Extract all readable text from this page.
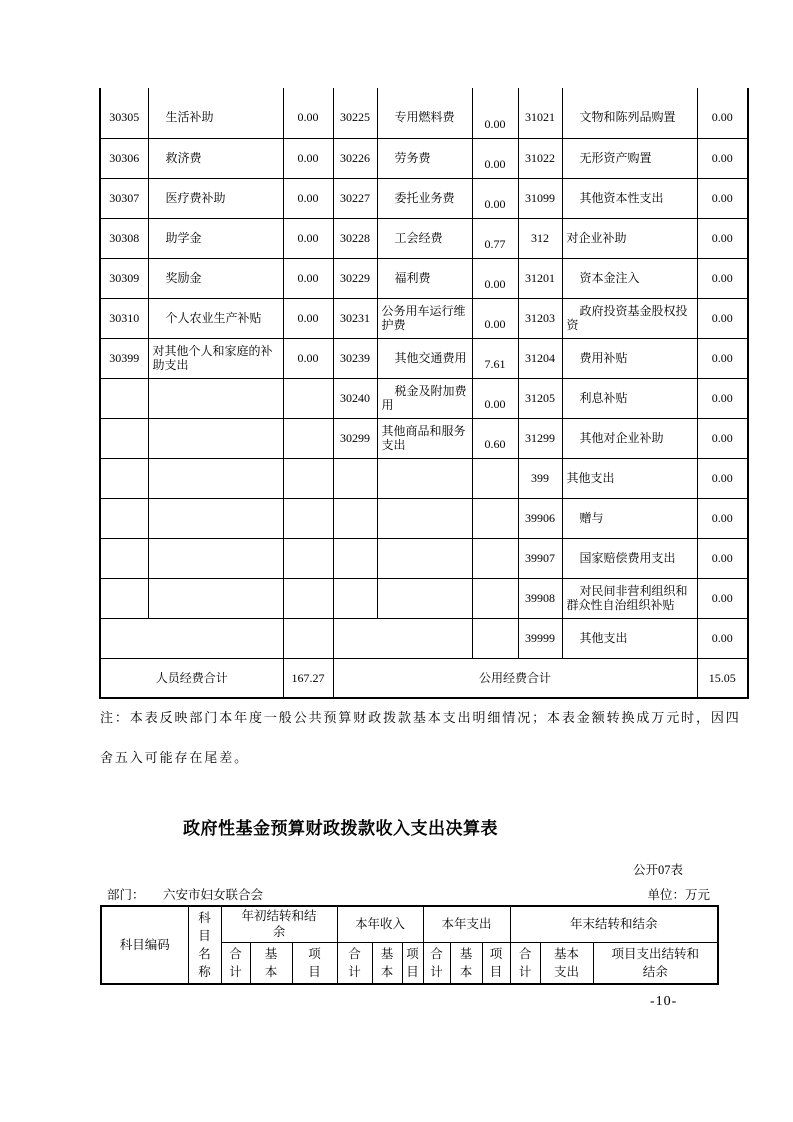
30305	生活补助	0.00	30225	专用燃料费	0.00	31021	文物和陈列品购置	0.00
30306	救济费	0.00	30226	劳务费	0.00	31022	无形资产购置	0.00
30307	医疗费补助	0.00	30227	委托业务费	0.00	31099	其他资本性支出	0.00
30308	助学金	0.00	30228	工会经费	0.77	312	对企业补助	0.00
30309	奖励金	0.00	30229	福利费	0.00	31201	资本金注入	0.00
30310	个人农业生产补贴	0.00	30231	公务用车运行维护费	0.00	31203	政府投资基金股权投资	0.00
30399	对其他个人和家庭的补助支出	0.00	30239	其他交通费用	7.61	31204	费用补贴	0.00
			30240	税金及附加费用	0.00	31205	利息补贴	0.00
			30299	其他商品和服务支出	0.60	31299	其他对企业补助	0.00
						399	其他支出	0.00
						39906	赠与	0.00
						39907	国家赔偿费用支出	0.00
						39908	对民间非营利组织和群众性自治组织补贴	0.00
						39999	其他支出	0.00
人员经费合计		167.27	公用经费合计					15.05

注：本表反映部门本年度一般公共预算财政拨款基本支出明细情况；本表金额转换成万元时，因四

舍五入可能存在尾差。

政府性基金预算财政拨款收入支出决算表
公开07表
部门： 六安市妇女联合会	单位：万元
科目编码	科目名称	年初结转和结余			本年收入			本年支出			年末结转和结余		
		合计	基本	项目	合计	基本	项目	合计	基本	项目	合计	基本支出	项目支出结转和结余
-10-
